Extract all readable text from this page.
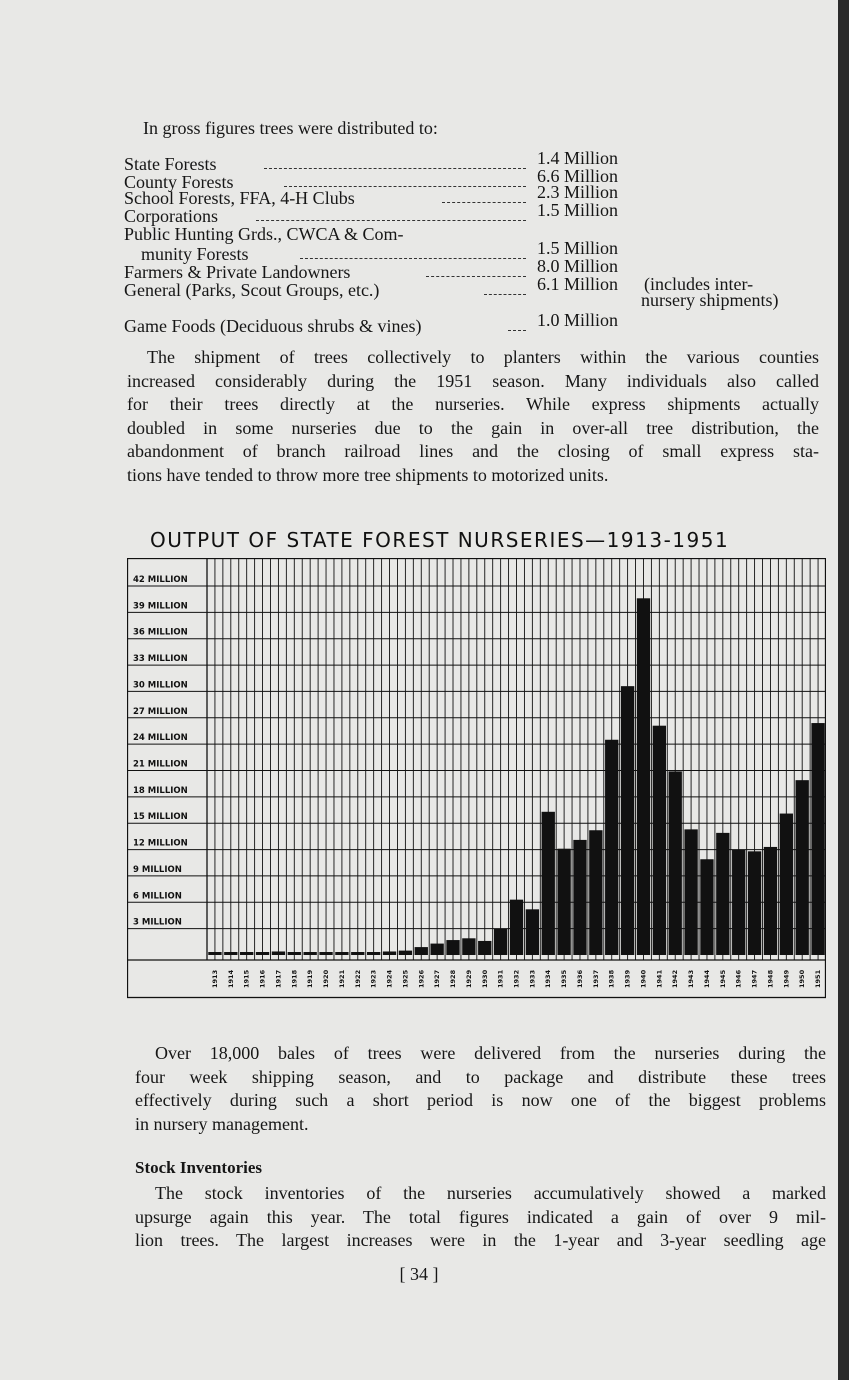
In gross figures trees were distributed to:
State Forests	1.4 Million
County Forests	6.6 Million
School Forests, FFA, 4-H Clubs	2.3 Million
Corporations	1.5 Million
Public Hunting Grds., CWCA & Com-
munity Forests	1.5 Million
Farmers & Private Landowners	8.0 Million
General (Parks, Scout Groups, etc.)	6.1 Million (includes inter-
nursery shipments)
Game Foods (Deciduous shrubs & vines)	1.0 Million
The shipment of trees collectively to planters within the various counties
increased considerably during the 1951 season. Many individuals also called
for their trees directly at the nurseries. While express shipments actually
doubled in some nurseries due to the gain in over-all tree distribution, the
abandonment of branch railroad lines and the closing of small express sta-
tions have tended to throw more tree shipments to motorized units.
OUTPUT OF STATE FOREST NURSERIES—1913-1951
3 MILLION
6 MILLION
9 MILLION
12 MILLION
15 MILLION
18 MILLION
21 MILLION
24 MILLION
27 MILLION
30 MILLION
33 MILLION
36 MILLION
39 MILLION
42 MILLION
1913 1914 1915 1916 1917 1918 1919 1920 1921 1922 1923 1924 1925 1926 1927 1928 1929 1930 1931 1932 1933 1934 1935 1936 1937 1938 1939 1940 1941 1942 1943 1944 1945 1946 1947 1948 1949 1950 1951
Over 18,000 bales of trees were delivered from the nurseries during the
four week shipping season, and to package and distribute these trees
effectively during such a short period is now one of the biggest problems
in nursery management.
Stock Inventories
The stock inventories of the nurseries accumulatively showed a marked
upsurge again this year. The total figures indicated a gain of over 9 mil-
lion trees. The largest increases were in the 1-year and 3-year seedling age
[ 34 ]
